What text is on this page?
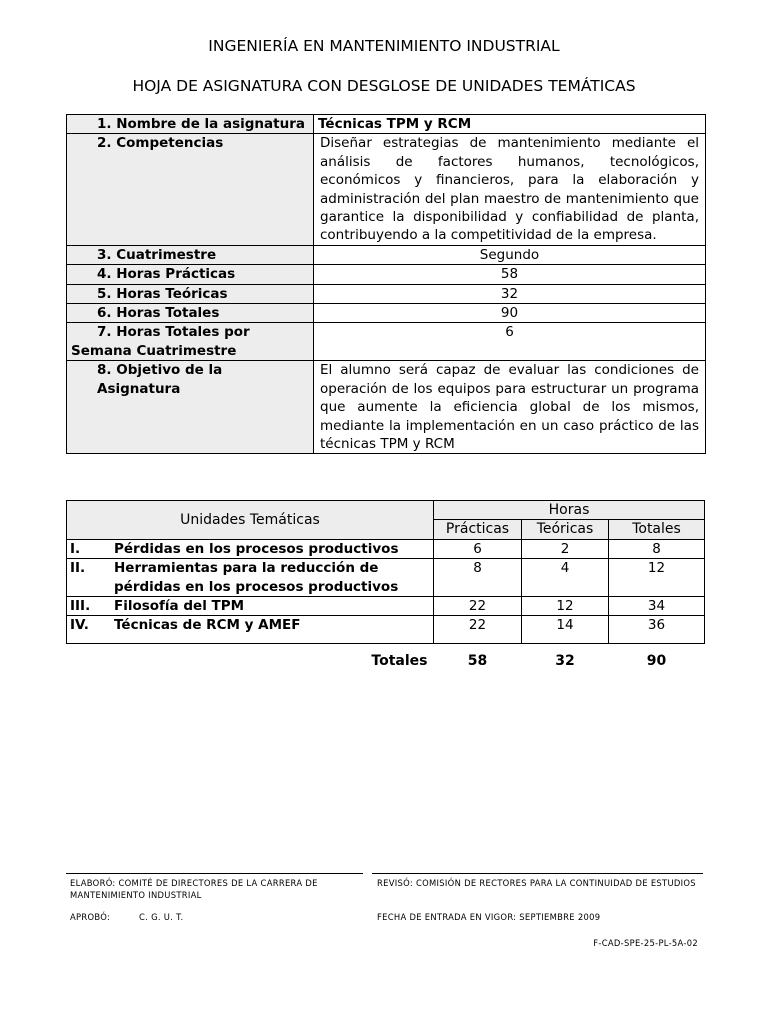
INGENIERÍA EN MANTENIMIENTO INDUSTRIAL
HOJA DE ASIGNATURA CON DESGLOSE DE UNIDADES TEMÁTICAS
1. Nombre de la asignatura	Técnicas TPM y RCM
2. Competencias	Diseñar estrategias de mantenimiento mediante el análisis de factores humanos, tecnológicos, económicos y financieros, para la elaboración y administración del plan maestro de mantenimiento que garantice la disponibilidad y confiabilidad de planta, contribuyendo a la competitividad de la empresa.
3. Cuatrimestre	Segundo
4. Horas Prácticas	58
5. Horas Teóricas	32
6. Horas Totales	90

7. Horas Totales por
Semana Cuatrimestre	6
8. Objetivo de la Asignatura	El alumno será capaz de evaluar las condiciones de operación de los equipos para estructurar un programa que aumente la eficiencia global de los mismos, mediante la implementación en un caso práctico de las técnicas TPM y RCM
Unidades Temáticas	Horas		
	Prácticas	Teóricas	Totales
I. Pérdidas en los procesos productivos	6	2	8
II. Herramientas para la reducción de pérdidas en los procesos productivos	8	4	12
III. Filosofía del TPM	22	12	34
IV. Técnicas de RCM y AMEF	22	14	36
Totales	58	32	90
ELABORÓ: COMITÉ DE DIRECTORES DE LA CARRERA DE MANTENIMIENTO INDUSTRIAL
APROBÓ:	C. G. U. T.
REVISÓ: COMISIÓN DE RECTORES PARA LA CONTINUIDAD DE ESTUDIOS
FECHA DE ENTRADA EN VIGOR: SEPTIEMBRE 2009
F-CAD-SPE-25-PL-5A-02
